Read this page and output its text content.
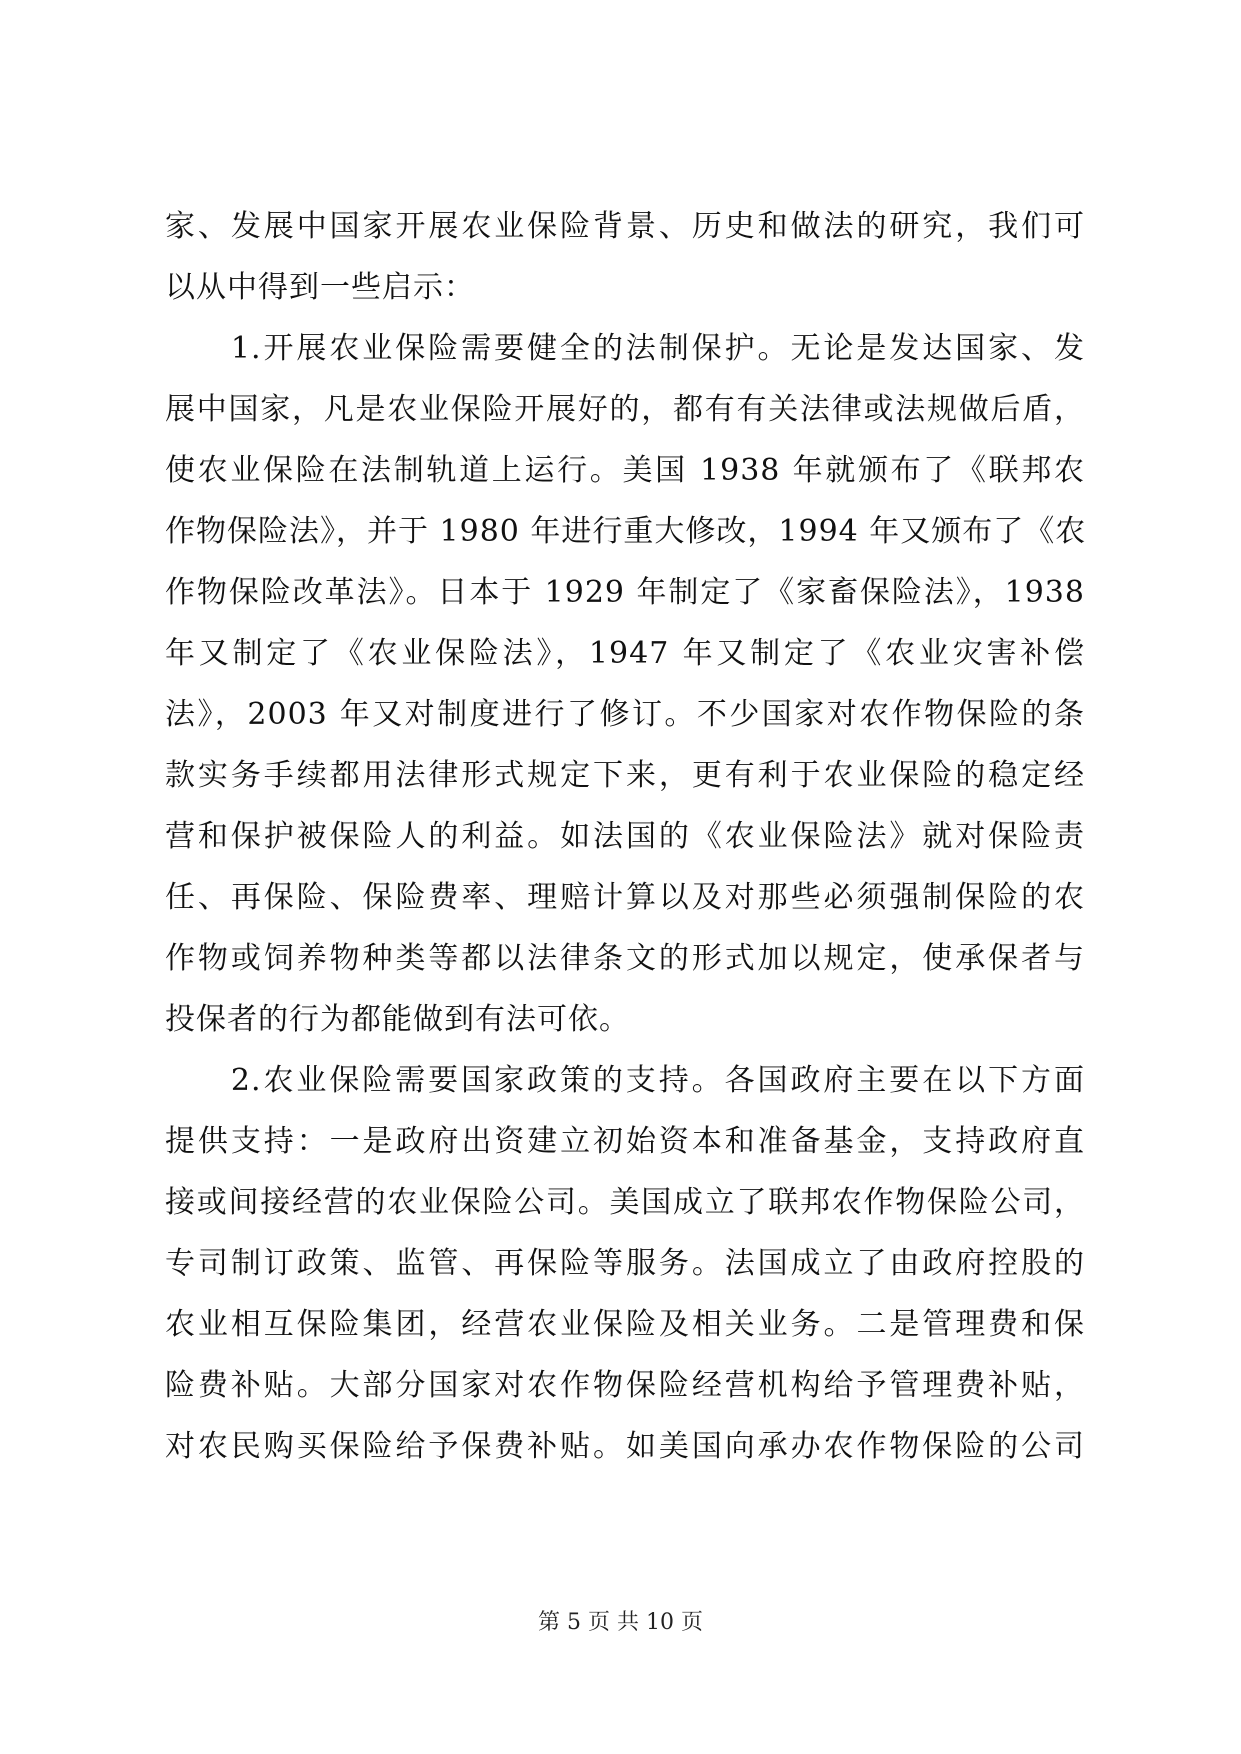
家、发展中国家开展农业保险背景、历史和做法的研究，我们可
以从中得到一些启示：
　　1.开展农业保险需要健全的法制保护。无论是发达国家、发
展中国家，凡是农业保险开展好的，都有有关法律或法规做后盾，
使农业保险在法制轨道上运行。美国 1938 年就颁布了《联邦农
作物保险法》，并于 1980 年进行重大修改，1994 年又颁布了《农
作物保险改革法》。日本于 1929 年制定了《家畜保险法》，1938
年又制定了《农业保险法》，1947 年又制定了《农业灾害补偿
法》，2003 年又对制度进行了修订。不少国家对农作物保险的条
款实务手续都用法律形式规定下来，更有利于农业保险的稳定经
营和保护被保险人的利益。如法国的《农业保险法》就对保险责
任、再保险、保险费率、理赔计算以及对那些必须强制保险的农
作物或饲养物种类等都以法律条文的形式加以规定，使承保者与
投保者的行为都能做到有法可依。
　　2.农业保险需要国家政策的支持。各国政府主要在以下方面
提供支持：一是政府出资建立初始资本和准备基金，支持政府直
接或间接经营的农业保险公司。美国成立了联邦农作物保险公司，
专司制订政策、监管、再保险等服务。法国成立了由政府控股的
农业相互保险集团，经营农业保险及相关业务。二是管理费和保
险费补贴。大部分国家对农作物保险经营机构给予管理费补贴，
对农民购买保险给予保费补贴。如美国向承办农作物保险的公司
第 5 页 共 10 页
